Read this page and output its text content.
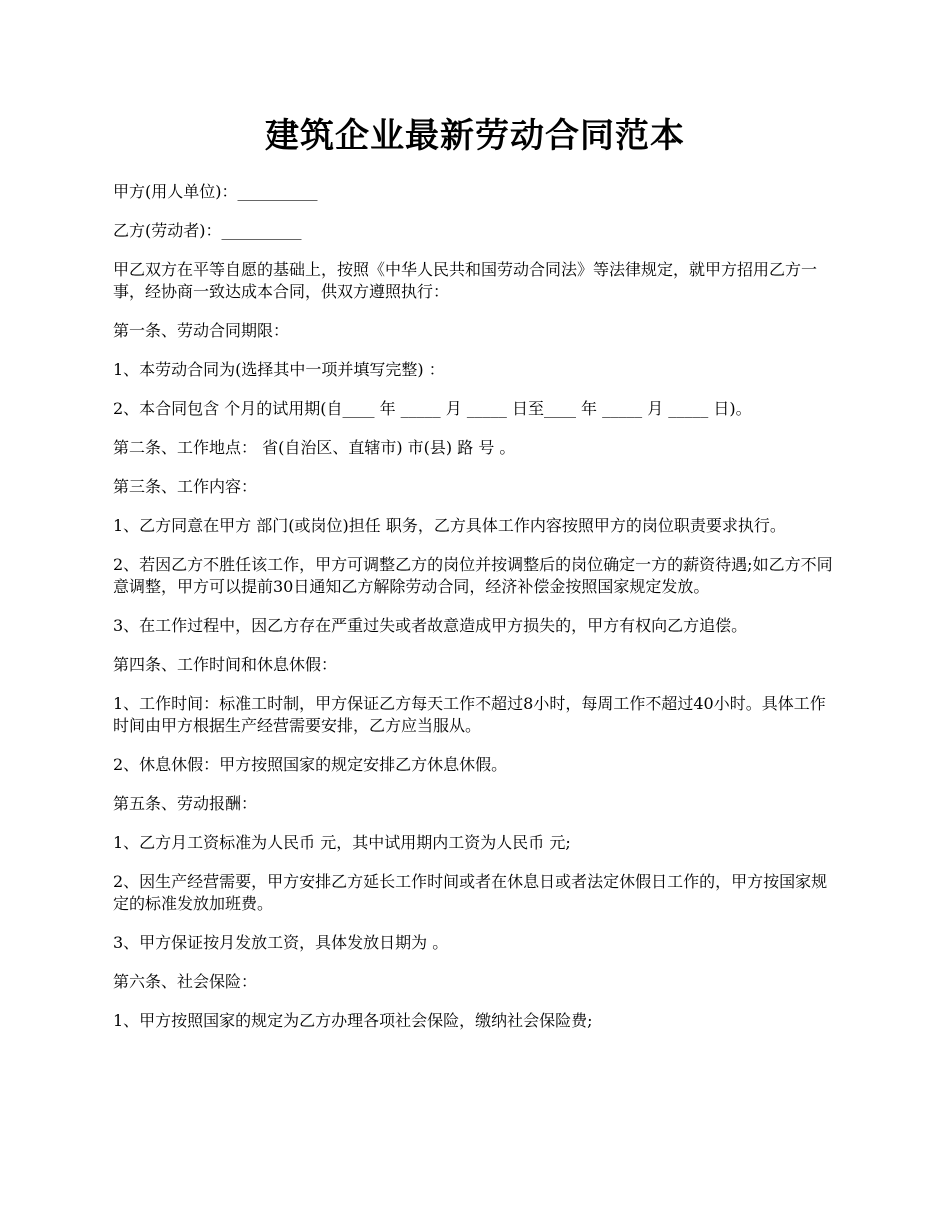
建筑企业最新劳动合同范本

甲方(用人单位)：__________

乙方(劳动者)：__________

甲乙双方在平等自愿的基础上，按照《中华人民共和国劳动合同法》等法律规定，就甲方招用乙方一事，经协商一致达成本合同，供双方遵照执行：

第一条、劳动合同期限：

1、本劳动合同为(选择其中一项并填写完整) ：

2、本合同包含 个月的试用期(自____ 年 _____ 月 _____ 日至____ 年 _____ 月 _____ 日)。

第二条、工作地点： 省(自治区、直辖市) 市(县) 路 号 。

第三条、工作内容：

1、乙方同意在甲方 部门(或岗位)担任 职务，乙方具体工作内容按照甲方的岗位职责要求执行。

2、若因乙方不胜任该工作，甲方可调整乙方的岗位并按调整后的岗位确定一方的薪资待遇;如乙方不同意调整，甲方可以提前30日通知乙方解除劳动合同，经济补偿金按照国家规定发放。

3、在工作过程中，因乙方存在严重过失或者故意造成甲方损失的，甲方有权向乙方追偿。

第四条、工作时间和休息休假：

1、工作时间：标准工时制，甲方保证乙方每天工作不超过8小时，每周工作不超过40小时。具体工作时间由甲方根据生产经营需要安排，乙方应当服从。

2、休息休假：甲方按照国家的规定安排乙方休息休假。

第五条、劳动报酬：

1、乙方月工资标准为人民币 元，其中试用期内工资为人民币 元;

2、因生产经营需要，甲方安排乙方延长工作时间或者在休息日或者法定休假日工作的，甲方按国家规定的标准发放加班费。

3、甲方保证按月发放工资，具体发放日期为 。

第六条、社会保险：

1、甲方按照国家的规定为乙方办理各项社会保险，缴纳社会保险费;
